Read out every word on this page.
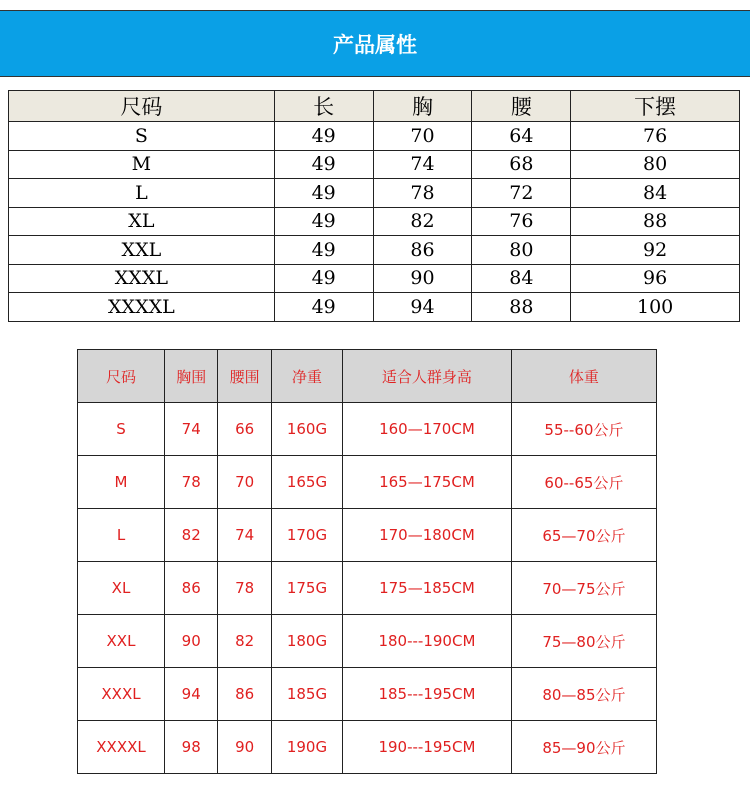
产品属性
尺码	长	胸	腰	下摆
S	49	70	64	76
M	49	74	68	80
L	49	78	72	84
XL	49	82	76	88
XXL	49	86	80	92
XXXL	49	90	84	96
XXXXL	49	94	88	100
尺码	胸围	腰围	净重	适合人群身高	体重
S	74	66	160G	160—170CM	55--60公斤
M	78	70	165G	165—175CM	60--65公斤
L	82	74	170G	170—180CM	65—70公斤
XL	86	78	175G	175—185CM	70—75公斤
XXL	90	82	180G	180---190CM	75—80公斤
XXXL	94	86	185G	185---195CM	80—85公斤
XXXXL	98	90	190G	190---195CM	85—90公斤
